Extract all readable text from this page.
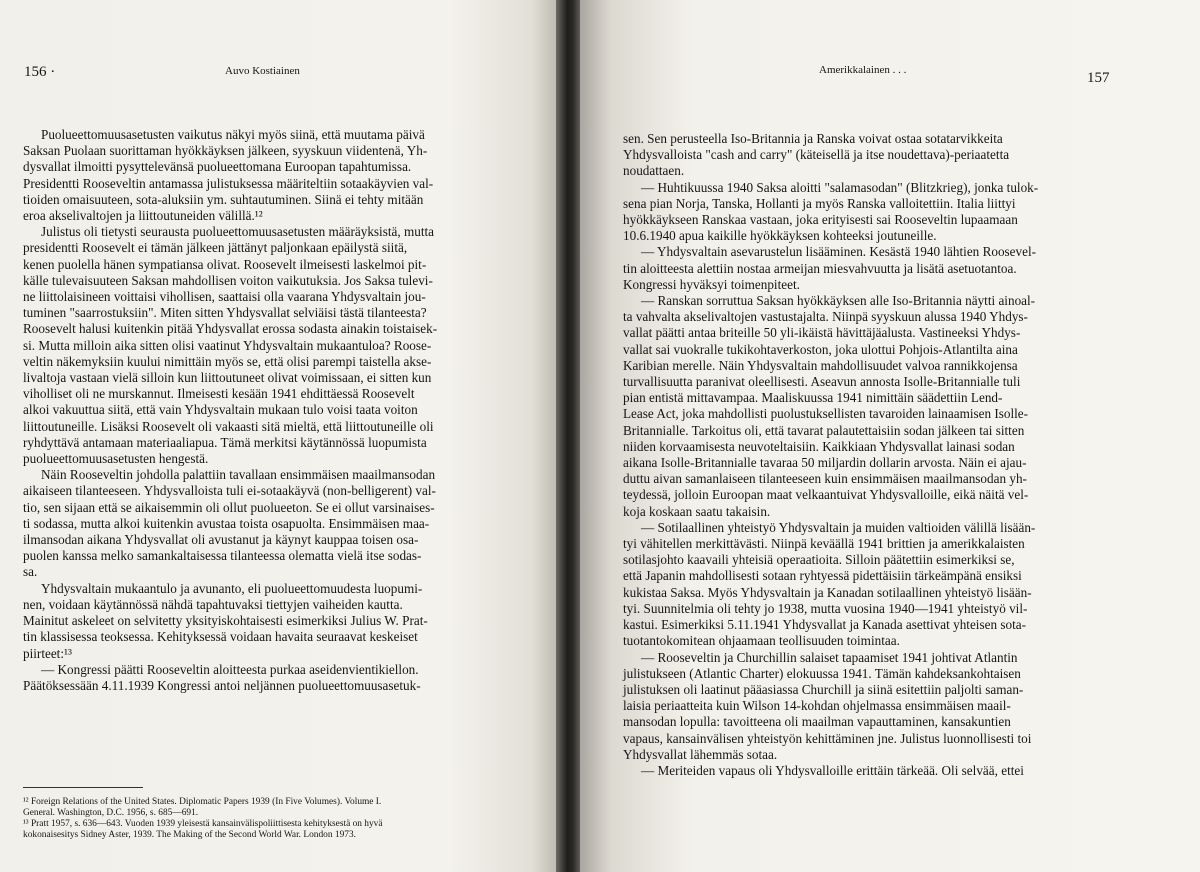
156 ·	Auvo Kostiainen
Puolueettomuusasetusten vaikutus näkyi myös siinä, että muutama päivä
Saksan Puolaan suorittaman hyökkäyksen jälkeen, syyskuun viidentenä, Yh-
dysvallat ilmoitti pysyttelevänsä puolueettomana Euroopan tapahtumissa.
Presidentti Rooseveltin antamassa julistuksessa määriteltiin sotaakäyvien val-
tioiden omaisuuteen, sota-aluksiin ym. suhtautuminen. Siinä ei tehty mitään
eroa akselivaltojen ja liittoutuneiden välillä.¹²
Julistus oli tietysti seurausta puolueettomuusasetusten määräyksistä, mutta
presidentti Roosevelt ei tämän jälkeen jättänyt paljonkaan epäilystä siitä,
kenen puolella hänen sympatiansa olivat. Roosevelt ilmeisesti laskelmoi pit-
källe tulevaisuuteen Saksan mahdollisen voiton vaikutuksia. Jos Saksa tulevi-
ne liittolaisineen voittaisi vihollisen, saattaisi olla vaarana Yhdysvaltain jou-
tuminen "saarrostuksiin". Miten sitten Yhdysvallat selviäisi tästä tilanteesta?
Roosevelt halusi kuitenkin pitää Yhdysvallat erossa sodasta ainakin toistaisek-
si. Mutta milloin aika sitten olisi vaatinut Yhdysvaltain mukaantuloa? Roose-
veltin näkemyksiin kuului nimittäin myös se, että olisi parempi taistella akse-
livaltoja vastaan vielä silloin kun liittoutuneet olivat voimissaan, ei sitten kun
viholliset oli ne murskannut. Ilmeisesti kesään 1941 ehdittäessä Roosevelt
alkoi vakuuttua siitä, että vain Yhdysvaltain mukaan tulo voisi taata voiton
liittoutuneille. Lisäksi Roosevelt oli vakaasti sitä mieltä, että liittoutuneille oli
ryhdyttävä antamaan materiaaliapua. Tämä merkitsi käytännössä luopumista
puolueettomuusasetusten hengestä.
Näin Rooseveltin johdolla palattiin tavallaan ensimmäisen maailmansodan
aikaiseen tilanteeseen. Yhdysvalloista tuli ei-sotaakäyvä (non-belligerent) val-
tio, sen sijaan että se aikaisemmin oli ollut puolueeton. Se ei ollut varsinaises-
ti sodassa, mutta alkoi kuitenkin avustaa toista osapuolta. Ensimmäisen maa-
ilmansodan aikana Yhdysvallat oli avustanut ja käynyt kauppaa toisen osa-
puolen kanssa melko samankaltaisessa tilanteessa olematta vielä itse sodas-
sa.
Yhdysvaltain mukaantulo ja avunanto, eli puolueettomuudesta luopumi-
nen, voidaan käytännössä nähdä tapahtuvaksi tiettyjen vaiheiden kautta.
Mainitut askeleet on selvitetty yksityiskohtaisesti esimerkiksi Julius W. Prat-
tin klassisessa teoksessa. Kehityksessä voidaan havaita seuraavat keskeiset
piirteet:¹³
— Kongressi päätti Rooseveltin aloitteesta purkaa aseidenvientikiellon.
Päätöksessään 4.11.1939 Kongressi antoi neljännen puolueettomuusasetuk-
¹² Foreign Relations of the United States. Diplomatic Papers 1939 (In Five Volumes). Volume I.
General. Washington, D.C. 1956, s. 685—691.
¹³ Pratt 1957, s. 636—643. Vuoden 1939 yleisestä kansainvälispoliittisesta kehityksestä on hyvä
kokonaisesitys Sidney Aster, 1939. The Making of the Second World War. London 1973.
Amerikkalainen . . .	157
sen. Sen perusteella Iso-Britannia ja Ranska voivat ostaa sotatarvikkeita
Yhdysvalloista "cash and carry" (käteisellä ja itse noudettava)-periaatetta
noudattaen.
— Huhtikuussa 1940 Saksa aloitti "salamasodan" (Blitzkrieg), jonka tulok-
sena pian Norja, Tanska, Hollanti ja myös Ranska valloitettiin. Italia liittyi
hyökkäykseen Ranskaa vastaan, joka erityisesti sai Rooseveltin lupaamaan
10.6.1940 apua kaikille hyökkäyksen kohteeksi joutuneille.
— Yhdysvaltain asevarustelun lisääminen. Kesästä 1940 lähtien Roosevel-
tin aloitteesta alettiin nostaa armeijan miesvahvuutta ja lisätä asetuotantoa.
Kongressi hyväksyi toimenpiteet.
— Ranskan sorruttua Saksan hyökkäyksen alle Iso-Britannia näytti ainoal-
ta vahvalta akselivaltojen vastustajalta. Niinpä syyskuun alussa 1940 Yhdys-
vallat päätti antaa briteille 50 yli-ikäistä hävittäjäalusta. Vastineeksi Yhdys-
vallat sai vuokralle tukikohtaverkoston, joka ulottui Pohjois-Atlantilta aina
Karibian merelle. Näin Yhdysvaltain mahdollisuudet valvoa rannikkojensa
turvallisuutta paranivat oleellisesti. Aseavun annosta Isolle-Britannialle tuli
pian entistä mittavampaa. Maaliskuussa 1941 nimittäin säädettiin Lend-
Lease Act, joka mahdollisti puolustuksellisten tavaroiden lainaamisen Isolle-
Britannialle. Tarkoitus oli, että tavarat palautettaisiin sodan jälkeen tai sitten
niiden korvaamisesta neuvoteltaisiin. Kaikkiaan Yhdysvallat lainasi sodan
aikana Isolle-Britannialle tavaraa 50 miljardin dollarin arvosta. Näin ei ajau-
duttu aivan samanlaiseen tilanteeseen kuin ensimmäisen maailmansodan yh-
teydessä, jolloin Euroopan maat velkaantuivat Yhdysvalloille, eikä näitä vel-
koja koskaan saatu takaisin.
— Sotilaallinen yhteistyö Yhdysvaltain ja muiden valtioiden välillä lisään-
tyi vähitellen merkittävästi. Niinpä keväällä 1941 brittien ja amerikkalaisten
sotilasjohto kaavaili yhteisiä operaatioita. Silloin päätettiin esimerkiksi se,
että Japanin mahdollisesti sotaan ryhtyessä pidettäisiin tärkeämpänä ensiksi
kukistaa Saksa. Myös Yhdysvaltain ja Kanadan sotilaallinen yhteistyö lisään-
tyi. Suunnitelmia oli tehty jo 1938, mutta vuosina 1940—1941 yhteistyö vil-
kastui. Esimerkiksi 5.11.1941 Yhdysvallat ja Kanada asettivat yhteisen sota-
tuotantokomitean ohjaamaan teollisuuden toimintaa.
— Rooseveltin ja Churchillin salaiset tapaamiset 1941 johtivat Atlantin
julistukseen (Atlantic Charter) elokuussa 1941. Tämän kahdeksankohtaisen
julistuksen oli laatinut pääasiassa Churchill ja siinä esitettiin paljolti saman-
laisia periaatteita kuin Wilson 14-kohdan ohjelmassa ensimmäisen maail-
mansodan lopulla: tavoitteena oli maailman vapauttaminen, kansakuntien
vapaus, kansainvälisen yhteistyön kehittäminen jne. Julistus luonnollisesti toi
Yhdysvallat lähemmäs sotaa.
— Meriteiden vapaus oli Yhdysvalloille erittäin tärkeää. Oli selvää, ettei
